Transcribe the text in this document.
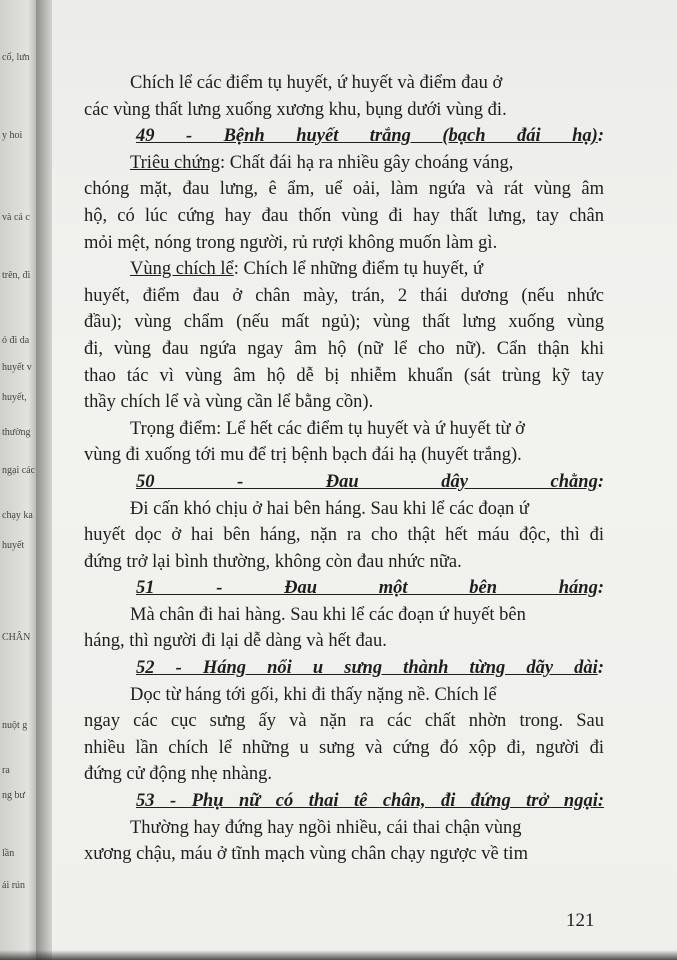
cổ, lưn
y hoi
và cả c
trên, đi
ó đi da
huyết v
huyết,
thường
ngại các
chạy ka
huyết
CHÂN
nuột g
ra
ng bư
lần
ái rún
Chích lể các điểm tụ huyết, ứ huyết và điểm đau ở
các vùng thất lưng xuống xương khu, bụng dưới vùng đi.
49 - Bệnh huyết trắng (bạch đái hạ):
Triêu chứng: Chất đái hạ ra nhiều gây choáng váng,
chóng mặt, đau lưng, ê ẩm, uể oải, làm ngứa và rát vùng âm
hộ, có lúc cứng hay đau thốn vùng đi hay thất lưng, tay chân
mỏi mệt, nóng trong người, rủ rượi không muốn làm gì.
Vùng chích lể: Chích lể những điểm tụ huyết, ứ
huyết, điểm đau ở chân mày, trán, 2 thái dương (nếu nhức
đầu); vùng chẩm (nếu mất ngủ); vùng thất lưng xuống vùng
đi, vùng đau ngứa ngay âm hộ (nữ lể cho nữ). Cẩn thận khi
thao tác vì vùng âm hộ dễ bị nhiễm khuẩn (sát trùng kỹ tay
thầy chích lể và vùng cần lể bằng cồn).
Trọng điểm: Lể hết các điểm tụ huyết và ứ huyết từ ở
vùng đi xuống tới mu để trị bệnh bạch đái hạ (huyết trắng).
50 - Đau dây chằng:
Đi cấn khó chịu ở hai bên háng. Sau khi lể các đoạn ứ
huyết dọc ở hai bên háng, nặn ra cho thật hết máu độc, thì đi
đứng trở lại bình thường, không còn đau nhức nữa.
51 - Đau một bên háng:
Mà chân đi hai hàng. Sau khi lể các đoạn ứ huyết bên
háng, thì người đi lại dễ dàng và hết đau.
52 - Háng nổi u sưng thành từng dãy dài:
Dọc từ háng tới gối, khi đi thấy nặng nề. Chích lể
ngay các cục sưng ấy và nặn ra các chất nhờn trong. Sau
nhiều lần chích lể những u sưng và cứng đó xộp đi, người đi
đứng cử động nhẹ nhàng.
53 - Phụ nữ có thai tê chân, đi đứng trở ngại:
Thường hay đứng hay ngồi nhiều, cái thai chận vùng
xương chậu, máu ở tĩnh mạch vùng chân chạy ngược về tim
121
